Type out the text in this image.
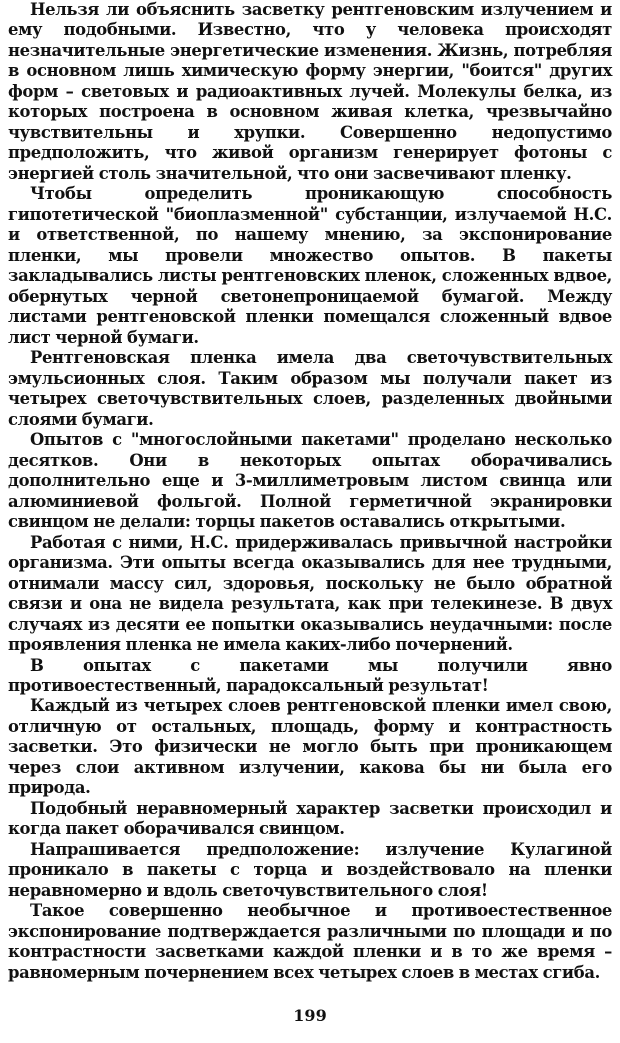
Нельзя ли объяснить засветку рентгеновским излучением и ему подобными. Известно, что у человека происходят незначительные энергетические изменения. Жизнь, потребляя в основном лишь химическую форму энергии, "боится" других форм – световых и радиоактивных лучей. Молекулы белка, из которых построена в основном живая клетка, чрезвычайно чувствительны и хрупки. Совершенно недопустимо предположить, что живой организм генерирует фотоны с энергией столь значительной, что они засвечивают пленку.

Чтобы определить проникающую способность гипотетической "биоплазменной" субстанции, излучаемой Н.С. и ответственной, по нашему мнению, за экспонирование пленки, мы провели множество опытов. В пакеты закладывались листы рентгеновских пленок, сложенных вдвое, обернутых черной светонепроницаемой бумагой. Между листами рентгеновской пленки помещался сложенный вдвое лист черной бумаги.

Рентгеновская пленка имела два светочувствительных эмульсионных слоя. Таким образом мы получали пакет из четырех светочувствительных слоев, разделенных двойными слоями бумаги.

Опытов с "многослойными пакетами" проделано несколько десятков. Они в некоторых опытах оборачивались дополнительно еще и 3-миллиметровым листом свинца или алюминиевой фольгой. Полной герметичной экранировки свинцом не делали: торцы пакетов оставались открытыми.

Работая с ними, Н.С. придерживалась привычной настройки организма. Эти опыты всегда оказывались для нее трудными, отнимали массу сил, здоровья, поскольку не было обратной связи и она не видела результата, как при телекинезе. В двух случаях из десяти ее попытки оказывались неудачными: после проявления пленка не имела каких-либо почернений.

В опытах с пакетами мы получили явно противоестественный, парадоксальный результат!

Каждый из четырех слоев рентгеновской пленки имел свою, отличную от остальных, площадь, форму и контрастность засветки. Это физически не могло быть при проникающем через слои активном излучении, какова бы ни была его природа.

Подобный неравномерный характер засветки происходил и когда пакет оборачивался свинцом.

Напрашивается предположение: излучение Кулагиной проникало в пакеты с торца и воздействовало на пленки неравномерно и вдоль светочувствительного слоя!

Такое совершенно необычное и противоестественное экспонирование подтверждается различными по площади и по контрастности засветками каждой пленки и в то же время – равномерным почернением всех четырех слоев в местах сгиба.

199
